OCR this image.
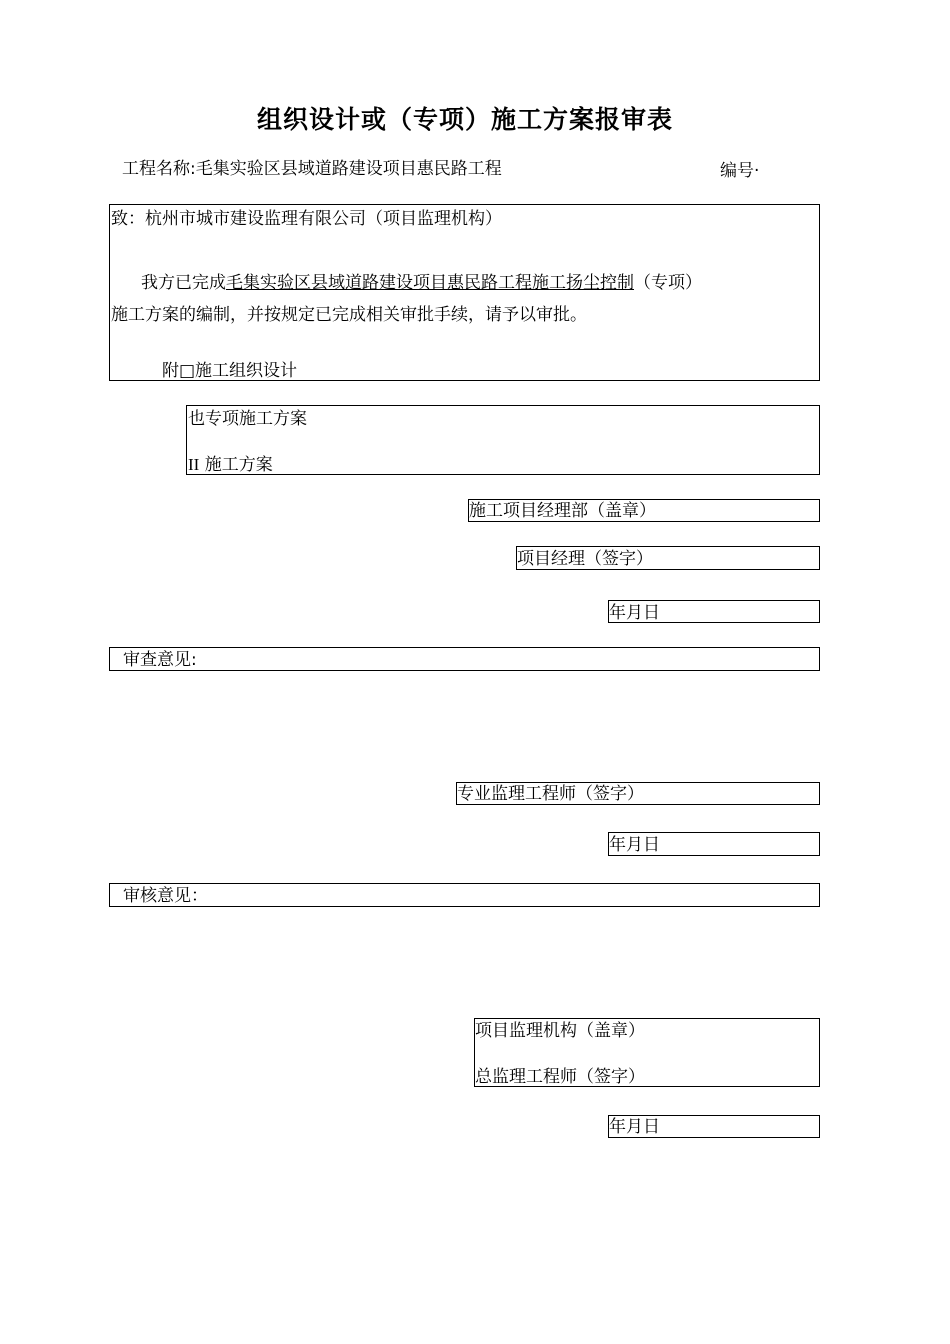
组织设计或（专项）施工方案报审表
工程名称:毛集实验区县域道路建设项目惠民路工程	编号·
致：杭州市城市建设监理有限公司（项目监理机构）
我方已完成毛集实验区县域道路建设项目惠民路工程施工扬尘控制（专项）
施工方案的编制，并按规定已完成相关审批手续，请予以审批。
附□施工组织设计
也专项施工方案
II 施工方案
施工项目经理部（盖章）
项目经理（签字）
年月日
审查意见:
专业监理工程师（签字）
年月日
审核意见：
项目监理机构（盖章）
总监理工程师（签字）
年月日
